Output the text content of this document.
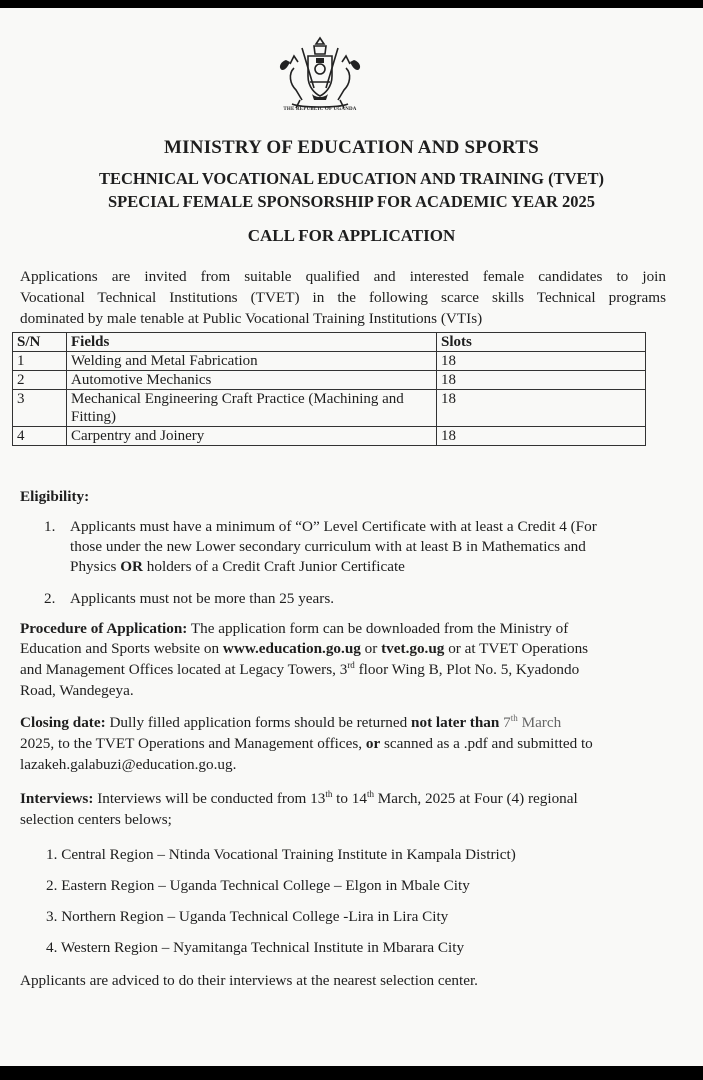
THE REPUBLIC OF UGANDA
MINISTRY OF EDUCATION AND SPORTS
TECHNICAL VOCATIONAL EDUCATION AND TRAINING (TVET)
SPECIAL FEMALE SPONSORSHIP FOR ACADEMIC YEAR 2025
CALL FOR APPLICATION
Applications are invited from suitable qualified and interested female candidates to join
Vocational Technical Institutions (TVET) in the following scarce skills Technical programs
dominated by male tenable at Public Vocational Training Institutions (VTIs)
S/N	Fields	Slots
1	Welding and Metal Fabrication	18
2	Automotive Mechanics	18
3	Mechanical Engineering Craft Practice (Machining and Fitting)	18
4	Carpentry and Joinery	18
Eligibility:
1. Applicants must have a minimum of “O” Level Certificate with at least a Credit 4 (For
those under the new Lower secondary curriculum with at least B in Mathematics and
Physics OR holders of a Credit Craft Junior Certificate
2. Applicants must not be more than 25 years.
Procedure of Application: The application form can be downloaded from the Ministry of
Education and Sports website on www.education.go.ug or tvet.go.ug or at TVET Operations
and Management Offices located at Legacy Towers, 3rd floor Wing B, Plot No. 5, Kyadondo
Road, Wandegeya.
Closing date: Dully filled application forms should be returned not later than 7th March
2025, to the TVET Operations and Management offices, or scanned as a .pdf and submitted to
lazakeh.galabuzi@education.go.ug.
Interviews: Interviews will be conducted from 13th to 14th March, 2025 at Four (4) regional
selection centers belows;
1. Central Region – Ntinda Vocational Training Institute in Kampala District)
2. Eastern Region – Uganda Technical College – Elgon in Mbale City
3. Northern Region – Uganda Technical College -Lira in Lira City
4. Western Region – Nyamitanga Technical Institute in Mbarara City
Applicants are adviced to do their interviews at the nearest selection center.
